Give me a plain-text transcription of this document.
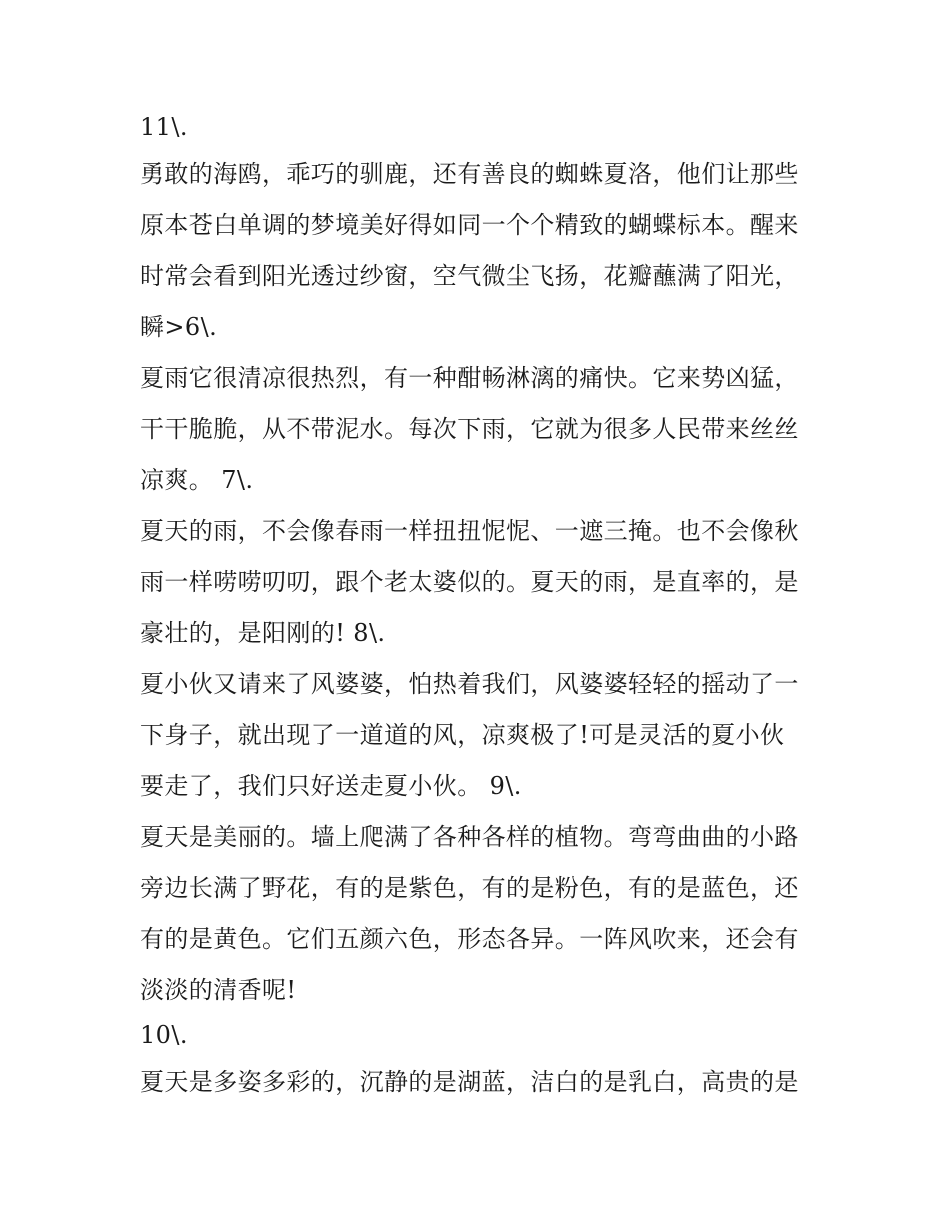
11\.
勇敢的海鸥，乖巧的驯鹿，还有善良的蜘蛛夏洛，他们让那些
原本苍白单调的梦境美好得如同一个个精致的蝴蝶标本。醒来
时常会看到阳光透过纱窗，空气微尘飞扬，花瓣蘸满了阳光，
瞬>6\.
夏雨它很清凉很热烈，有一种酣畅淋漓的痛快。它来势凶猛，
干干脆脆，从不带泥水。每次下雨，它就为很多人民带来丝丝
凉爽。 7\.
夏天的雨，不会像春雨一样扭扭怩怩、一遮三掩。也不会像秋
雨一样唠唠叨叨，跟个老太婆似的。夏天的雨，是直率的，是
豪壮的，是阳刚的! 8\.
夏小伙又请来了风婆婆，怕热着我们，风婆婆轻轻的摇动了一
下身子，就出现了一道道的风，凉爽极了!可是灵活的夏小伙
要走了，我们只好送走夏小伙。 9\.
夏天是美丽的。墙上爬满了各种各样的植物。弯弯曲曲的小路
旁边长满了野花，有的是紫色，有的是粉色，有的是蓝色，还
有的是黄色。它们五颜六色，形态各异。一阵风吹来，还会有
淡淡的清香呢!
10\.
夏天是多姿多彩的，沉静的是湖蓝，洁白的是乳白，高贵的是
